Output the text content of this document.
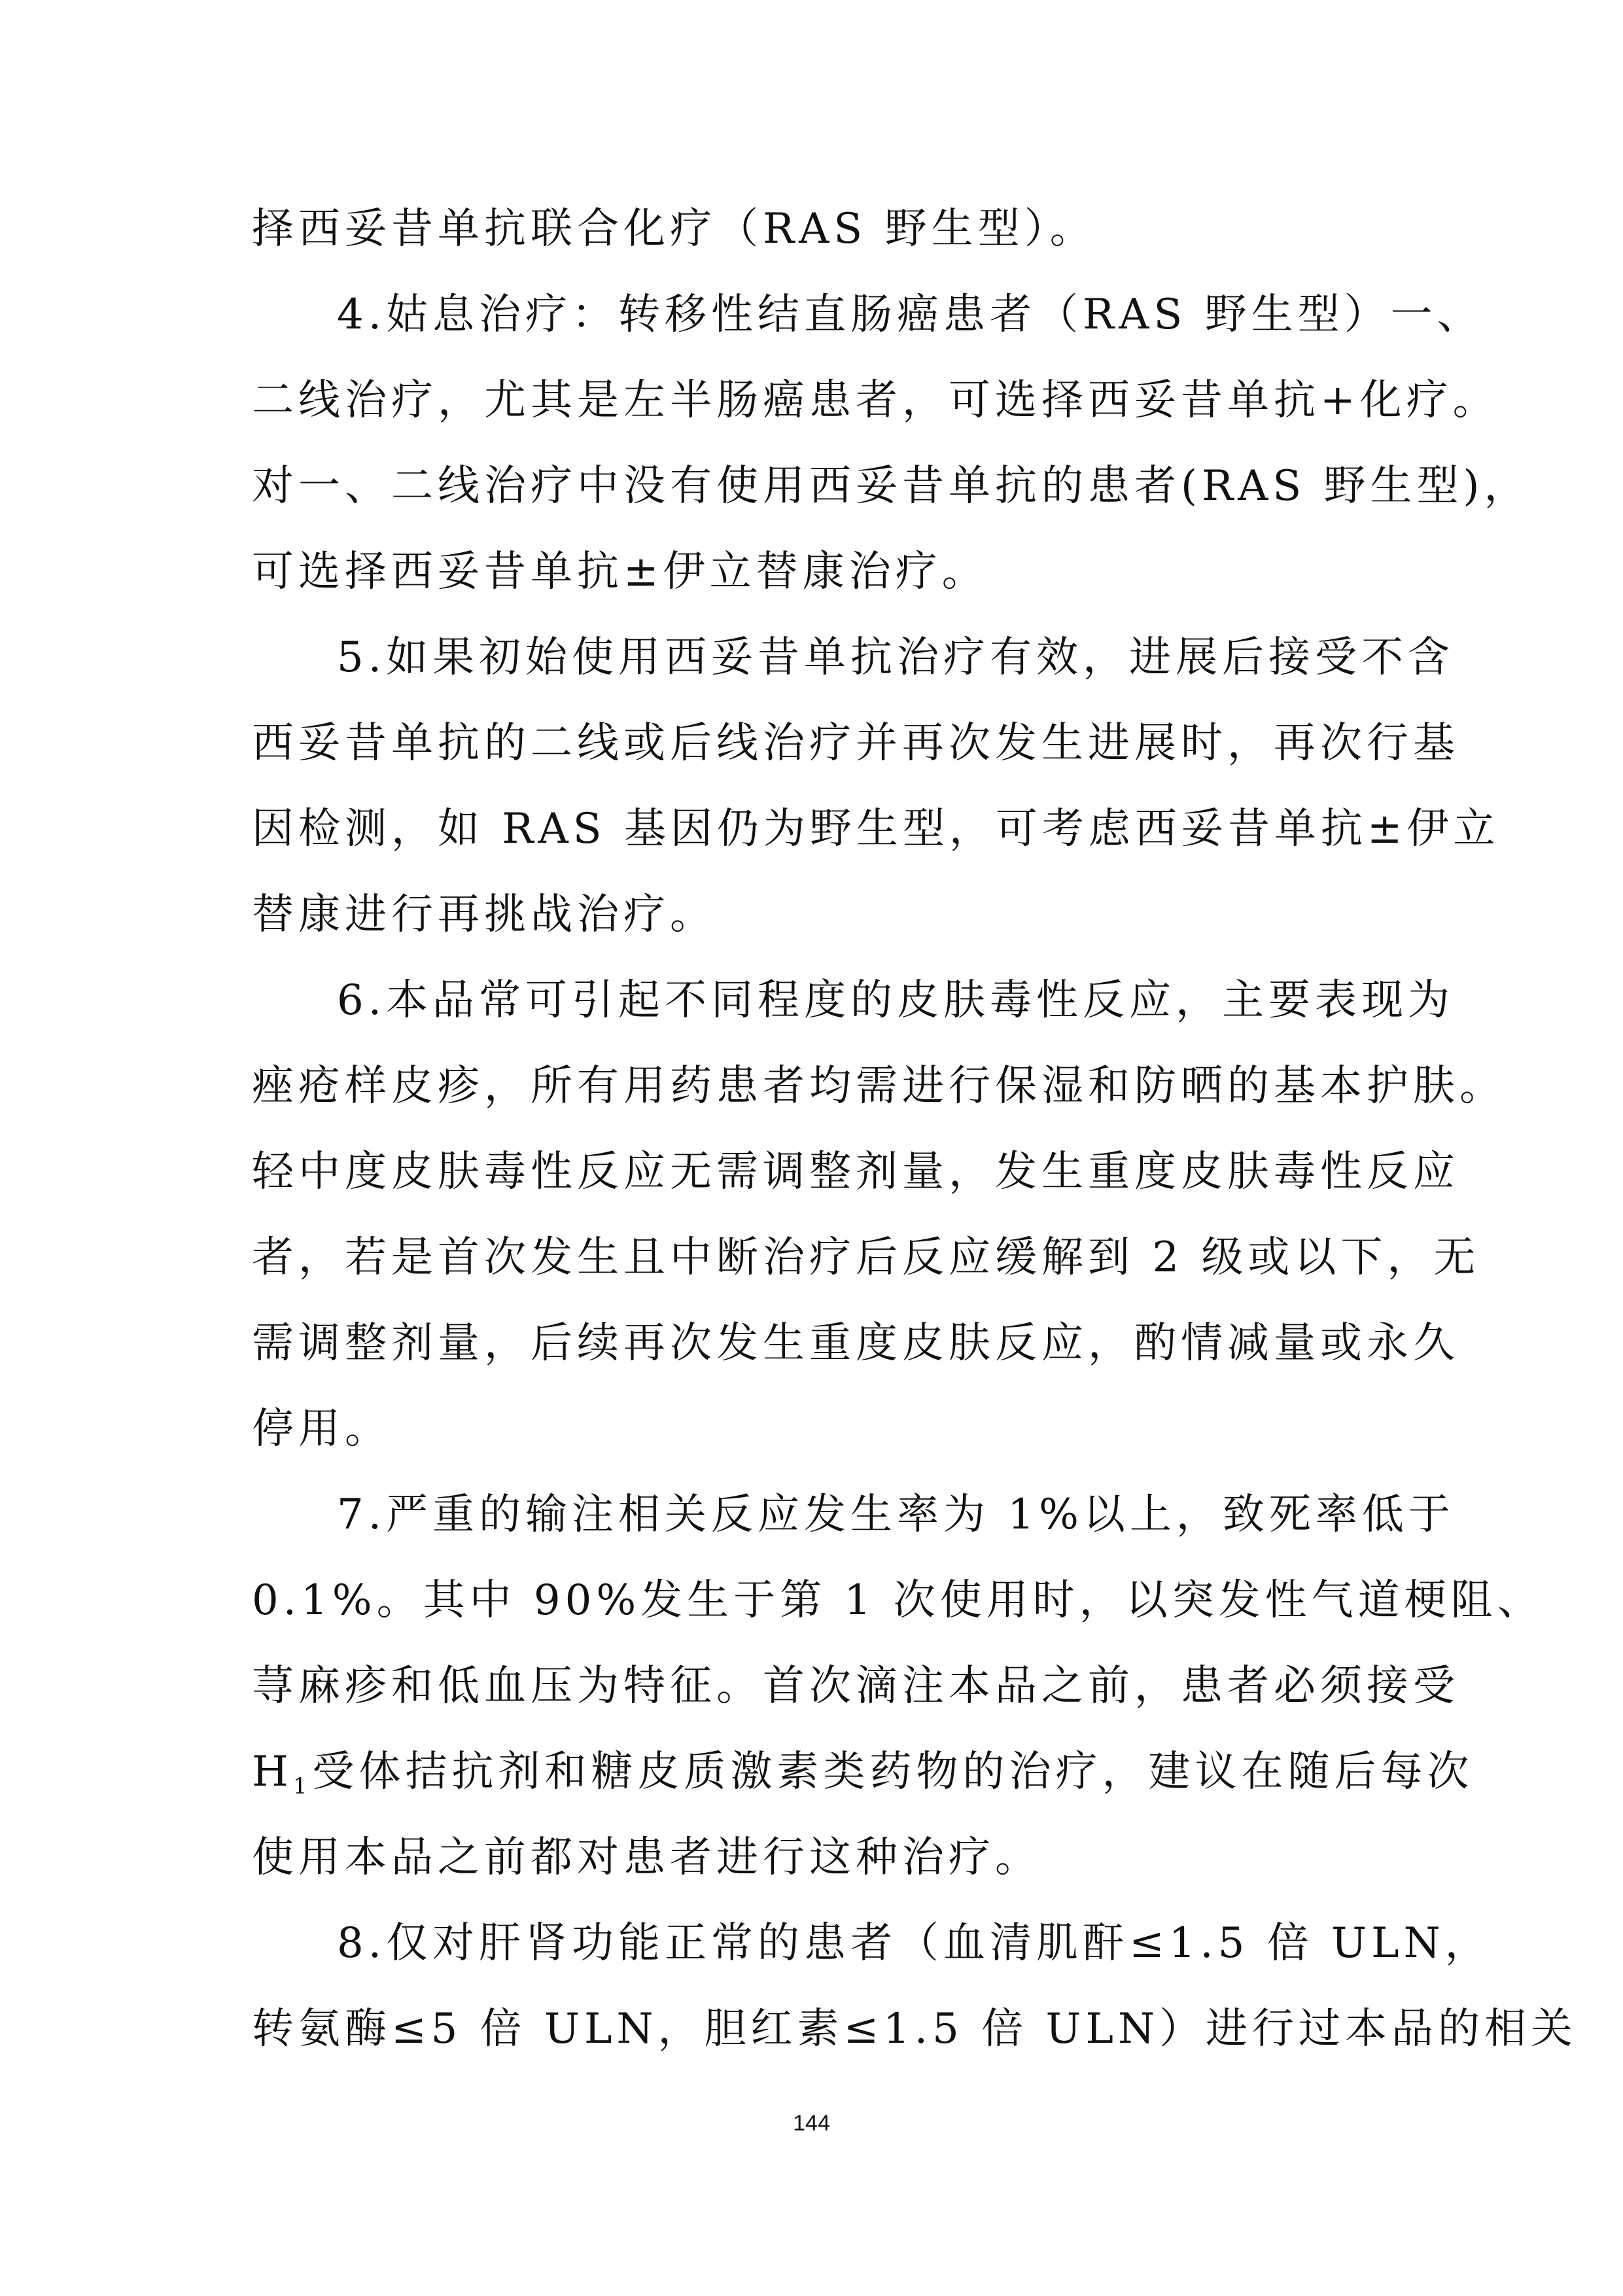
择西妥昔单抗联合化疗（RAS 野生型）。
4.姑息治疗：转移性结直肠癌患者（RAS 野生型）一、
二线治疗，尤其是左半肠癌患者，可选择西妥昔单抗+化疗。
对一、二线治疗中没有使用西妥昔单抗的患者(RAS 野生型)，
可选择西妥昔单抗±伊立替康治疗。
5.如果初始使用西妥昔单抗治疗有效，进展后接受不含
西妥昔单抗的二线或后线治疗并再次发生进展时，再次行基
因检测，如 RAS 基因仍为野生型，可考虑西妥昔单抗±伊立
替康进行再挑战治疗。
6.本品常可引起不同程度的皮肤毒性反应，主要表现为
痤疮样皮疹，所有用药患者均需进行保湿和防晒的基本护肤。
轻中度皮肤毒性反应无需调整剂量，发生重度皮肤毒性反应
者，若是首次发生且中断治疗后反应缓解到 2 级或以下，无
需调整剂量，后续再次发生重度皮肤反应，酌情减量或永久
停用。
7.严重的输注相关反应发生率为 1%以上，致死率低于
0.1%。其中 90%发生于第 1 次使用时，以突发性气道梗阻、
荨麻疹和低血压为特征。首次滴注本品之前，患者必须接受
$H_1$ 受体拮抗剂和糖皮质激素类药物的治疗，建议在随后每次
使用本品之前都对患者进行这种治疗。
8.仅对肝肾功能正常的患者（血清肌酐≤1.5 倍 ULN，
转氨酶≤5 倍 ULN，胆红素≤1.5 倍 ULN）进行过本品的相关
144
